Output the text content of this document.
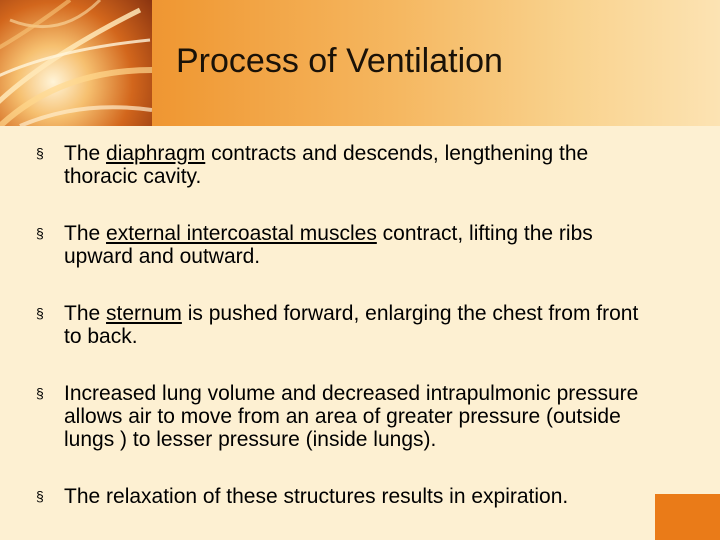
Process of Ventilation
§ The diaphragm contracts and descends, lengthening the thoracic cavity.
§ The external intercoastal muscles contract, lifting the ribs upward and outward.
§ The sternum is pushed forward, enlarging the chest from front to back.
§ Increased lung volume and decreased intrapulmonic pressure allows air to move from an area of greater pressure (outside lungs ) to lesser pressure (inside lungs).
§ The relaxation of these structures results in expiration.
